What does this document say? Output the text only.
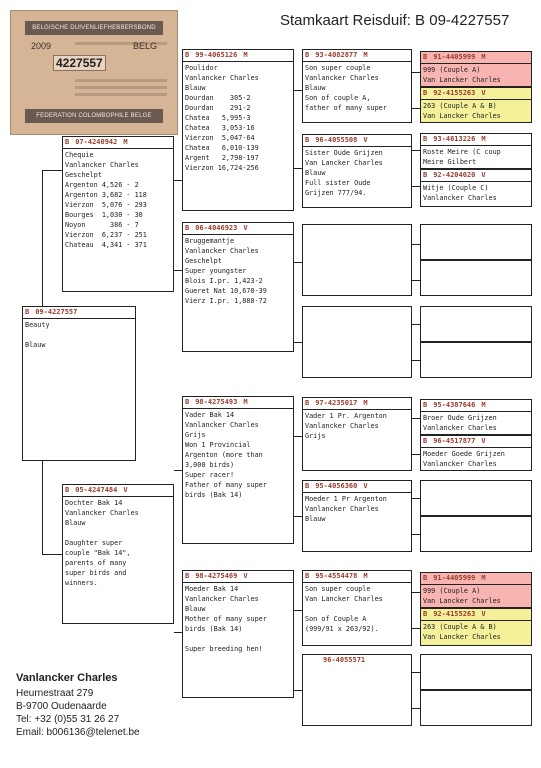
Stamkaart Reisduif: B 09-4227557
BELGISCHE DUIVENLIEFHEBBERSBOND
2009	BELG
4227557
FEDERATION COLOMBOPHILE BELGE
B 09-4227557
Beauty

Blauw
B 07-4240942 M
Chequie
Vanlancker Charles
Geschelpt
Argenton 4,526 - 2
Argenton 3,682 - 118
Vierzon  5,076 - 293
Bourges  1,030 - 30
Noyon      386 - 7
Vierzon  6,237 - 251
Chateau  4,341 - 371
B 05-4247484 V
Dochter Bak 14
Vanlancker Charles
Blauw

Daughter super
couple "Bak 14",
parents of many
super birds and
winners.
B 99-4065126 M
Poulidor
Vanlancker Charles
Blauw
Dourdan    305-2
Dourdan    291-2
Chatea   5,995-3
Chatea   3,053-16
Vierzon  5,047-64
Chatea   6,010-139
Argent   2,798-197
Vierzon 16,724-256
B 06-4046923 V
Bruggemantje
Vanlancker Charles
Geschelpt
Super youngster
Blois I.pr. 1,423-2
Gueret Nat 10,670-39
Vierz I.pr. 1,888-72
B 98-4275493 M
Vader Bak 14
Vanlancker Charles
Grijs
Won 1 Provincial
Argenton (more than
3,000 birds)
Super racer!
Father of many super
birds (Bak 14)
B 98-4275469 V
Moeder Bak 14
Vanlancker Charles
Blauw
Mother of many super
birds (Bak 14)

Super breeding hen!
B 93-4082877 M
Son super couple
Vanlancker Charles
Blauw
Son of couple A,
father of many super
B 96-4055508 V
Sister Oude Grijzen
Van Lancker Charles
Blauw
Full sister Oude
Grijzen 777/94.
B 97-4235017 M
Vader 1 Pr. Argenton
Vanlancker Charles
Grijs
B 95-4056360 V
Moeder 1 Pr Argenton
Vanlancker Charles
Blauw
B 95-4554478 M
Son super couple
Van Lancker Charles

Son of Couple A
(999/91 x 263/92).
96-4055571
B 91-4405999 M
999 (Couple A)
Van Lancker Charles
B 92-4155263 V
263 (Couple A & B)
Van Lancker Charles
B 93-4613226 M
Roste Meire (C coup
Meire Gilbert
B 92-4204020 V
Witje (Couple C)
Vanlancker Charles
B 95-4387646 M
Broer Oude Grijzen
Vanlancker Charles
B 96-4517877 V
Moeder Goede Grijzen
Vanlancker Charles
B 91-4405999 M
999 (Couple A)
Van Lancker Charles
B 92-4155263 V
263 (Couple A & B)
Van Lancker Charles
Vanlancker Charles
Heurnestraat 279
B-9700 Oudenaarde
Tel: +32 (0)55 31 26 27
Email: b006136@telenet.be
